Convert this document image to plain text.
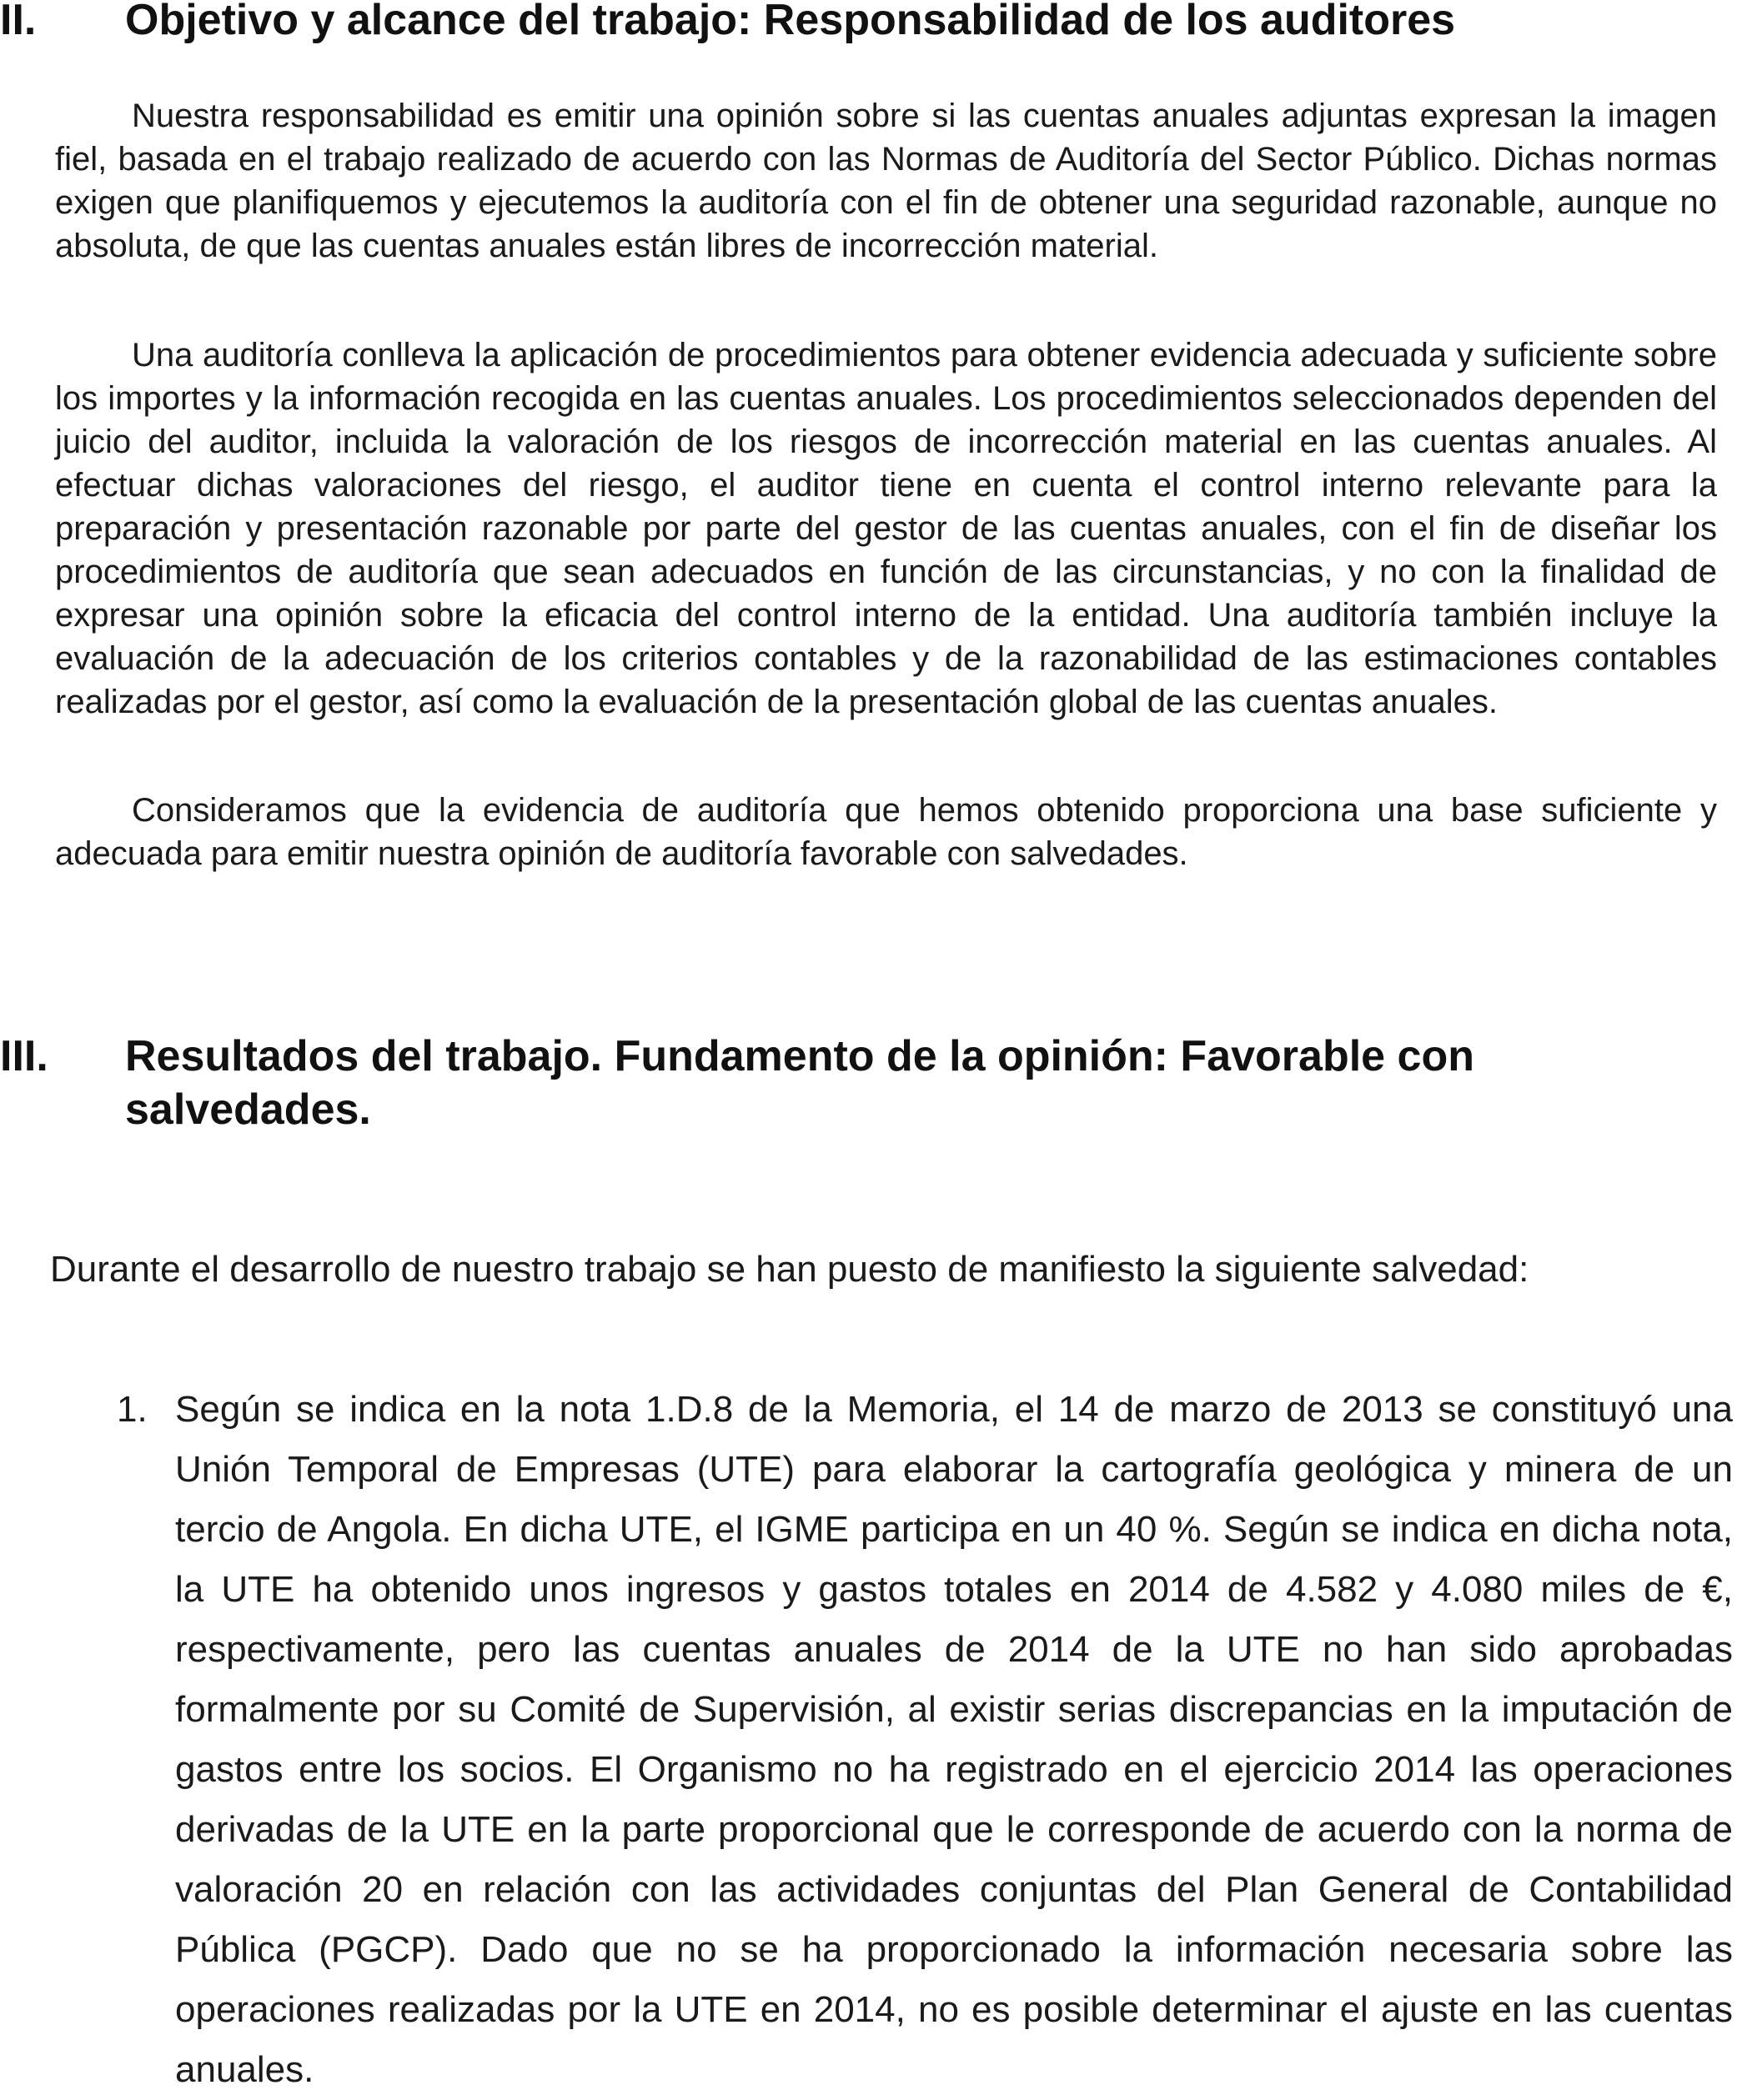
II.	Objetivo y alcance del trabajo: Responsabilidad de los auditores

Nuestra responsabilidad es emitir una opinión sobre si las cuentas anuales adjuntas expresan la imagen fiel, basada en el trabajo realizado de acuerdo con las Normas de Auditoría del Sector Público. Dichas normas exigen que planifiquemos y ejecutemos la auditoría con el fin de obtener una seguridad razonable, aunque no absoluta, de que las cuentas anuales están libres de incorrección material.

Una auditoría conlleva la aplicación de procedimientos para obtener evidencia adecuada y suficiente sobre los importes y la información recogida en las cuentas anuales. Los procedimientos seleccionados dependen del juicio del auditor, incluida la valoración de los riesgos de incorrección material en las cuentas anuales. Al efectuar dichas valoraciones del riesgo, el auditor tiene en cuenta el control interno relevante para la preparación y presentación razonable por parte del gestor de las cuentas anuales, con el fin de diseñar los procedimientos de auditoría que sean adecuados en función de las circunstancias, y no con la finalidad de expresar una opinión sobre la eficacia del control interno de la entidad. Una auditoría también incluye la evaluación de la adecuación de los criterios contables y de la razonabilidad de las estimaciones contables realizadas por el gestor, así como la evaluación de la presentación global de las cuentas anuales.

Consideramos que la evidencia de auditoría que hemos obtenido proporciona una base suficiente y adecuada para emitir nuestra opinión de auditoría favorable con salvedades.

III.	Resultados del trabajo. Fundamento de la opinión: Favorable con salvedades.

Durante el desarrollo de nuestro trabajo se han puesto de manifiesto la siguiente salvedad:

1. Según se indica en la nota 1.D.8 de la Memoria, el 14 de marzo de 2013 se constituyó una Unión Temporal de Empresas (UTE) para elaborar la cartografía geológica y minera de un tercio de Angola. En dicha UTE, el IGME participa en un 40 %. Según se indica en dicha nota, la UTE ha obtenido unos ingresos y gastos totales en 2014 de 4.582 y 4.080 miles de €, respectivamente, pero las cuentas anuales de 2014 de la UTE no han sido aprobadas formalmente por su Comité de Supervisión, al existir serias discrepancias en la imputación de gastos entre los socios. El Organismo no ha registrado en el ejercicio 2014 las operaciones derivadas de la UTE en la parte proporcional que le corresponde de acuerdo con la norma de valoración 20 en relación con las actividades conjuntas del Plan General de Contabilidad Pública (PGCP). Dado que no se ha proporcionado la información necesaria sobre las operaciones realizadas por la UTE en 2014, no es posible determinar el ajuste en las cuentas anuales.
